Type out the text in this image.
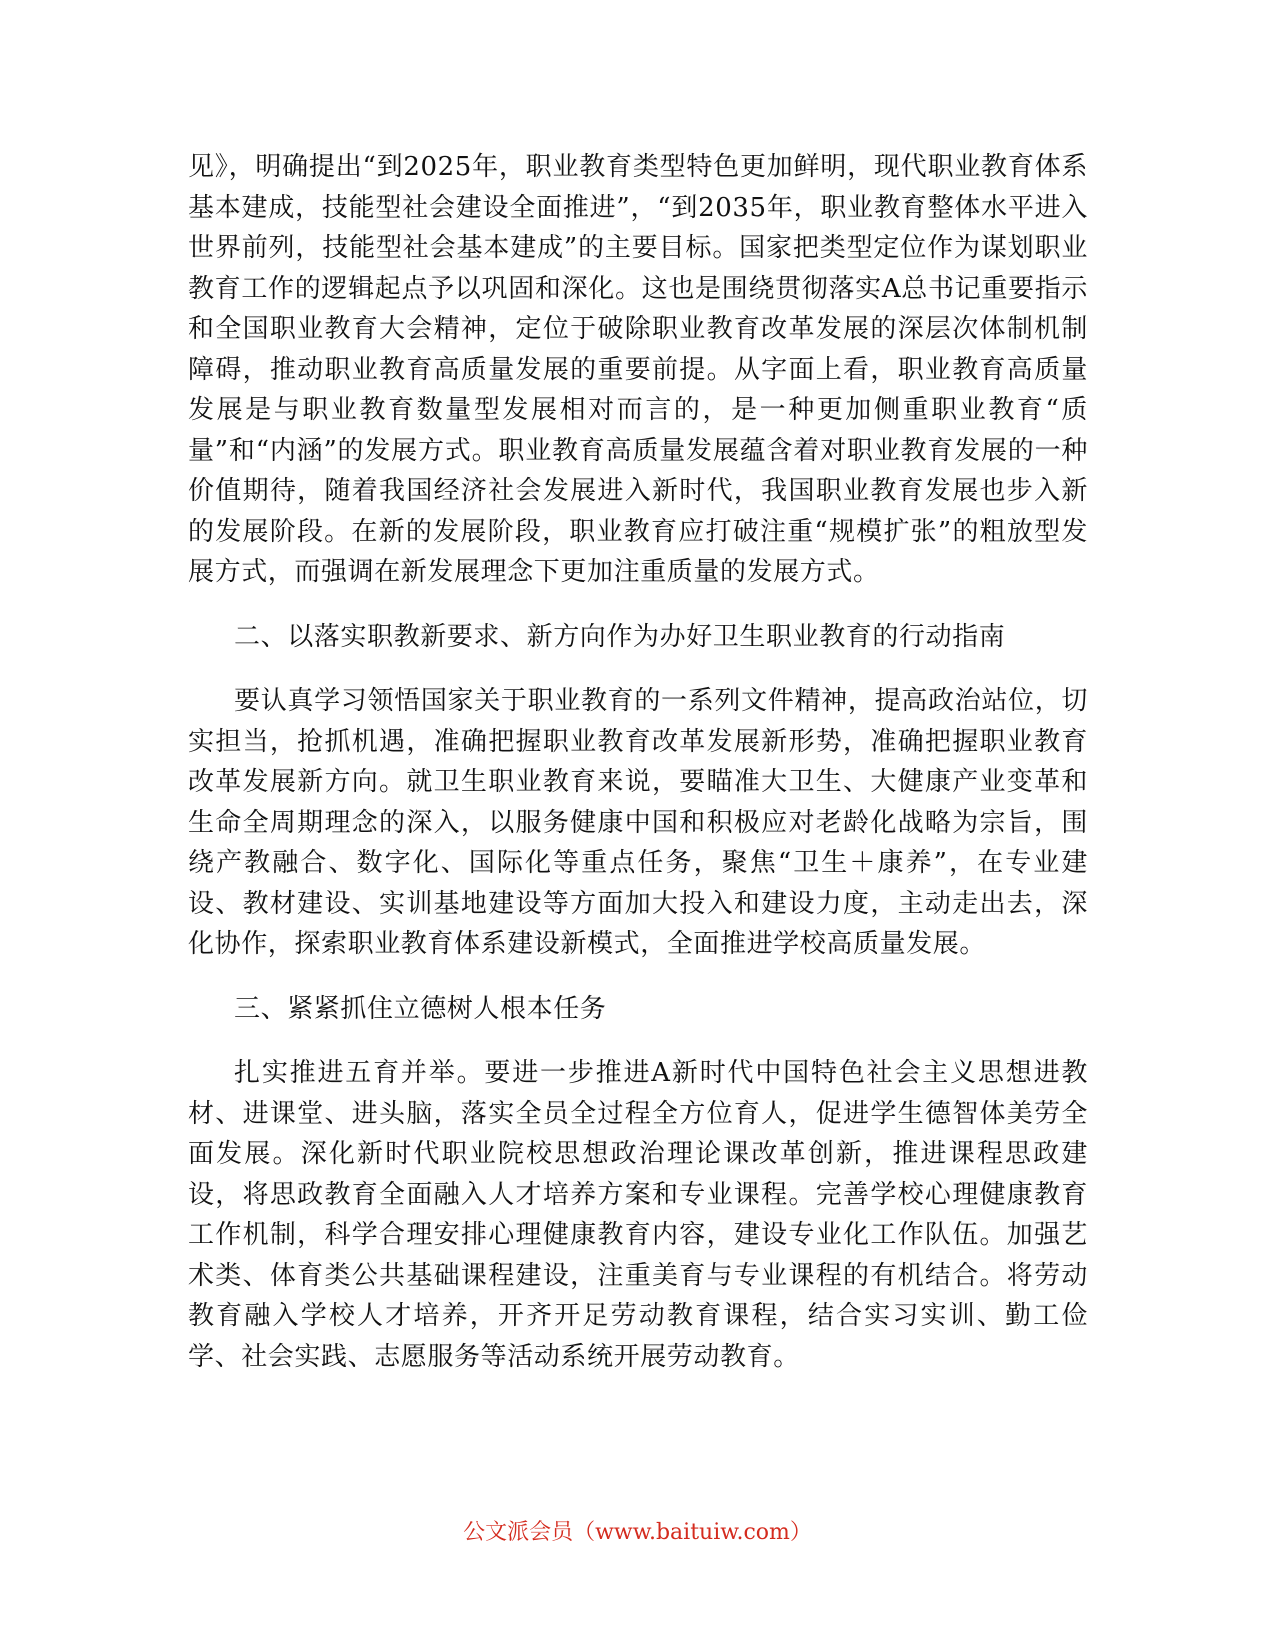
见》，明确提出“到2025年，职业教育类型特色更加鲜明，现代职业教育体系基本建成，技能型社会建设全面推进”，“到2035年，职业教育整体水平进入世界前列，技能型社会基本建成”的主要目标。国家把类型定位作为谋划职业教育工作的逻辑起点予以巩固和深化。这也是围绕贯彻落实A总书记重要指示和全国职业教育大会精神，定位于破除职业教育改革发展的深层次体制机制障碍，推动职业教育高质量发展的重要前提。从字面上看，职业教育高质量发展是与职业教育数量型发展相对而言的，是一种更加侧重职业教育“质量”和“内涵”的发展方式。职业教育高质量发展蕴含着对职业教育发展的一种价值期待，随着我国经济社会发展进入新时代，我国职业教育发展也步入新的发展阶段。在新的发展阶段，职业教育应打破注重“规模扩张”的粗放型发展方式，而强调在新发展理念下更加注重质量的发展方式。

二、以落实职教新要求、新方向作为办好卫生职业教育的行动指南

要认真学习领悟国家关于职业教育的一系列文件精神，提高政治站位，切实担当，抢抓机遇，准确把握职业教育改革发展新形势，准确把握职业教育改革发展新方向。就卫生职业教育来说，要瞄准大卫生、大健康产业变革和生命全周期理念的深入，以服务健康中国和积极应对老龄化战略为宗旨，围绕产教融合、数字化、国际化等重点任务，聚焦“卫生＋康养”，在专业建设、教材建设、实训基地建设等方面加大投入和建设力度，主动走出去，深化协作，探索职业教育体系建设新模式，全面推进学校高质量发展。

三、紧紧抓住立德树人根本任务

扎实推进五育并举。要进一步推进A新时代中国特色社会主义思想进教材、进课堂、进头脑，落实全员全过程全方位育人，促进学生德智体美劳全面发展。深化新时代职业院校思想政治理论课改革创新，推进课程思政建设，将思政教育全面融入人才培养方案和专业课程。完善学校心理健康教育工作机制，科学合理安排心理健康教育内容，建设专业化工作队伍。加强艺术类、体育类公共基础课程建设，注重美育与专业课程的有机结合。将劳动教育融入学校人才培养，开齐开足劳动教育课程，结合实习实训、勤工俭学、社会实践、志愿服务等活动系统开展劳动教育。

公文派会员（www.baituiw.com）
